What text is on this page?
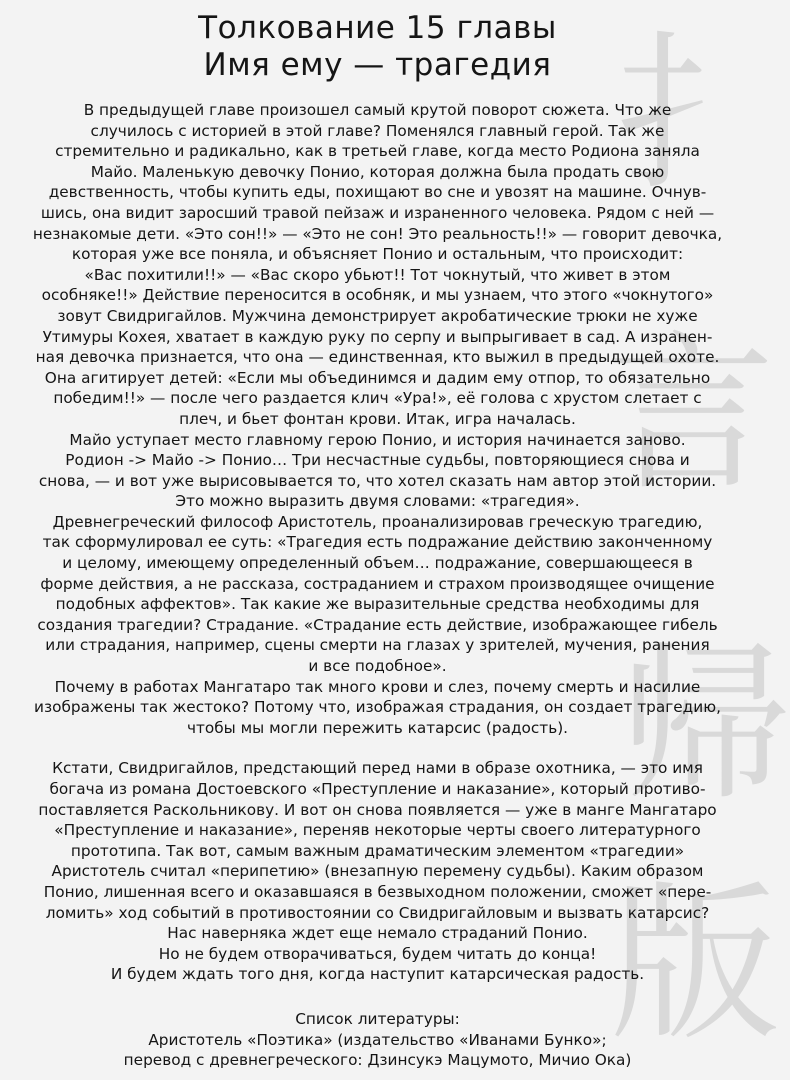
扌
言
帰
版
Толкование 15 главы
Имя ему — трагедия

В предыдущей главе произошел самый крутой поворот сюжета. Что же

случилось с историей в этой главе? Поменялся главный герой. Так же

стремительно и радикально, как в третьей главе, когда место Родиона заняла

Майо. Маленькую девочку Понио, которая должна была продать свою

девственность, чтобы купить еды, похищают во сне и увозят на машине. Очнув-

шись, она видит заросший травой пейзаж и израненного человека. Рядом с ней —

незнакомые дети. «Это сон!!» — «Это не сон! Это реальность!!» — говорит девочка,

которая уже все поняла, и объясняет Понио и остальным, что происходит:

«Вас похитили!!» — «Вас скоро убьют!! Тот чокнутый, что живет в этом

особняке!!» Действие переносится в особняк, и мы узнаем, что этого «чокнутого»

зовут Свидригайлов. Мужчина демонстрирует акробатические трюки не хуже

Утимуры Кохея, хватает в каждую руку по серпу и выпрыгивает в сад. А изранен-

ная девочка признается, что она — единственная, кто выжил в предыдущей охоте.

Она агитирует детей: «Если мы объединимся и дадим ему отпор, то обязательно

победим!!» — после чего раздается клич «Ура!», её голова с хрустом слетает с

плеч, и бьет фонтан крови. Итак, игра началась.

Майо уступает место главному герою Понио, и история начинается заново.

Родион -> Майо -> Понио… Три несчастные судьбы, повторяющиеся снова и

снова, — и вот уже вырисовывается то, что хотел сказать нам автор этой истории.

Это можно выразить двумя словами: «трагедия».

Древнегреческий философ Аристотель, проанализировав греческую трагедию,

так сформулировал ее суть: «Трагедия есть подражание действию законченному

и целому, имеющему определенный объем… подражание, совершающееся в

форме действия, а не рассказа, состраданием и страхом производящее очищение

подобных аффектов». Так какие же выразительные средства необходимы для

создания трагедии? Страдание. «Страдание есть действие, изображающее гибель

или страдания, например, сцены смерти на глазах у зрителей, мучения, ранения

и все подобное».

Почему в работах Мангатаро так много крови и слез, почему смерть и насилие

изображены так жестоко? Потому что, изображая страдания, он создает трагедию,

чтобы мы могли пережить катарсис (радость).

Кстати, Свидригайлов, предстающий перед нами в образе охотника, — это имя

богача из романа Достоевского «Преступление и наказание», который противо-

поставляется Раскольникову. И вот он снова появляется — уже в манге Мангатаро

«Преступление и наказание», переняв некоторые черты своего литературного

прототипа. Так вот, самым важным драматическим элементом «трагедии»

Аристотель считал «перипетию» (внезапную перемену судьбы). Каким образом

Понио, лишенная всего и оказавшаяся в безвыходном положении, сможет «пере-

ломить» ход событий в противостоянии со Свидригайловым и вызвать катарсис?

Нас наверняка ждет еще немало страданий Понио.

Но не будем отворачиваться, будем читать до конца!

И будем ждать того дня, когда наступит катарсическая радость.

Список литературы:

Аристотель «Поэтика» (издательство «Иванами Бунко»;

перевод с древнегреческого: Дзинсукэ Мацумото, Мичио Ока)
